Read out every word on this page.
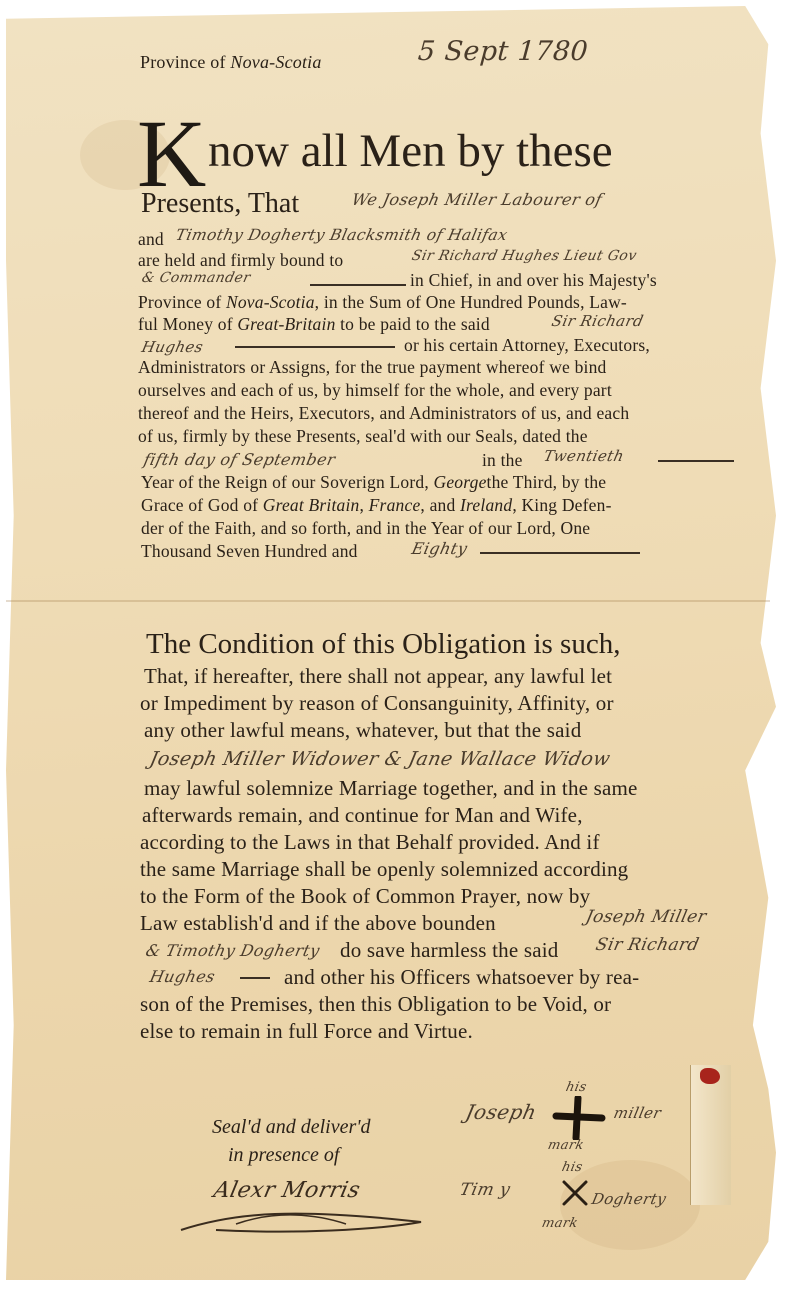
Province of Nova-Scotia	5 Sept 1780
K now all Men by these
Presents, That	We Joseph Miller Labourer of
and Timothy Dogherty Blacksmith of Halifax
are held and firmly bound to	Sir Richard Hughes Lieut Gov
& Commander	in Chief, in and over his Majesty's
Province of Nova-Scotia, in the Sum of One Hundred Pounds, Law-
ful Money of Great-Britain to be paid to the said	Sir Richard
Hughes	or his certain Attorney, Executors,
Administrators or Assigns, for the true payment whereof we bind
ourselves and each of us, by himself for the whole, and every part
thereof and the Heirs, Executors, and Administrators of us, and each
of us, firmly by these Presents, seal'd with our Seals, dated the
fifth day of September	in the Twentieth
Year of the Reign of our Soverign Lord, Georgethe Third, by the
Grace of God of Great Britain, France, and Ireland, King Defen-
der of the Faith, and so forth, and in the Year of our Lord, One
Thousand Seven Hundred and	Eighty
The Condition of this Obligation is such,
That, if hereafter, there shall not appear, any lawful let
or Impediment by reason of Consanguinity, Affinity, or
any other lawful means, whatever, but that the said
Joseph Miller Widower & Jane Wallace Widow
may lawful solemnize Marriage together, and in the same
afterwards remain, and continue for Man and Wife,
according to the Laws in that Behalf provided. And if
the same Marriage shall be openly solemnized according
to the Form of the Book of Common Prayer, now by
Law establish'd and if the above bounden	Joseph Miller
& Timothy Dogherty do save harmless the said Sir Richard
Hughes	and other his Officers whatsoever by rea-
son of the Premises, then this Obligation to be Void, or
else to remain in full Force and Virtue.
Seal'd and deliver'd
in presence of
Alexr Morris
Joseph
his
miller
mark
Tim y
his
Dogherty
mark
